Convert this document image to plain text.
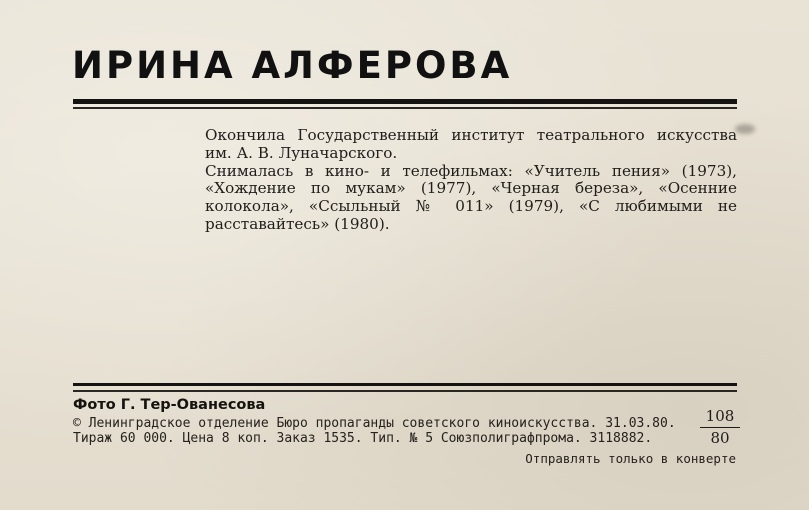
ИРИНА АЛФЕРОВА

Окончила Государственный институт театрального искусства им. А. В. Луначарского.

Снималась в кино- и телефильмах: «Учитель пения» (1973), «Хождение по мукам» (1977), «Черная береза», «Осенние колокола», «Ссыльный № 011» (1979), «С любимыми не расставайтесь» (1980).

Фото Г. Тер-Ованесова
© Ленинградское отделение Бюро пропаганды советского киноискусства. 31.03.80.
Тираж 60 000. Цена 8 коп. Заказ 1535. Тип. № 5 Союзполиграфпрома. 3118882.
108
80
Отправлять только в конверте
